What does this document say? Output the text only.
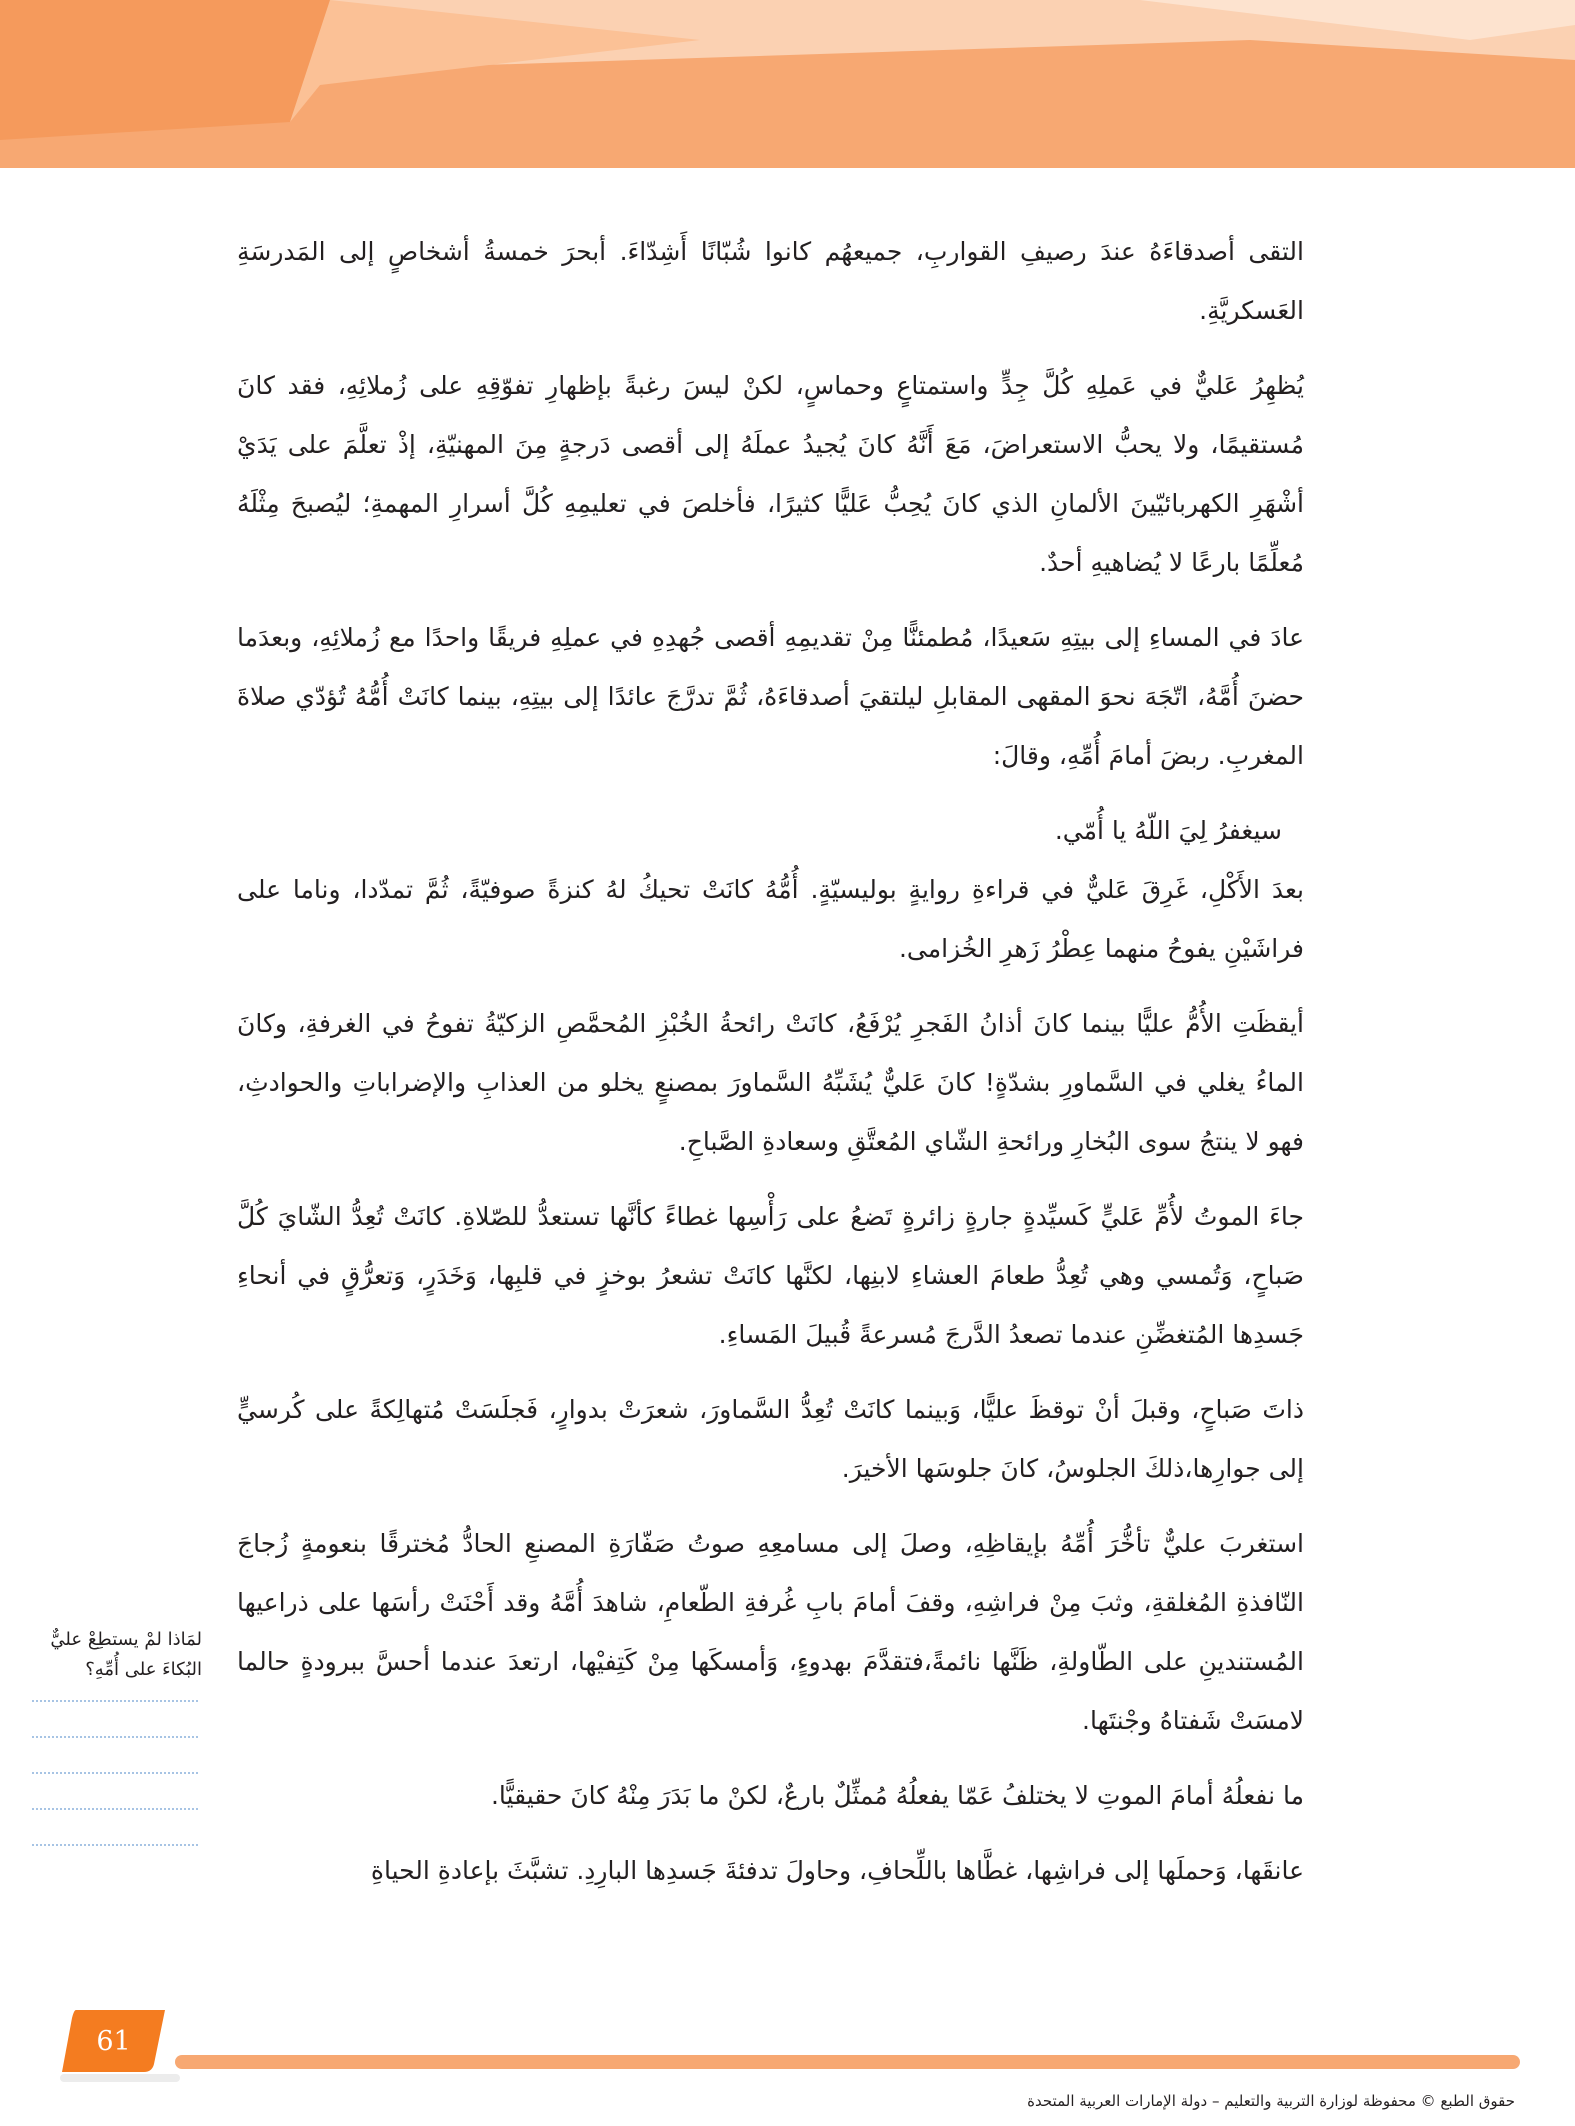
التقى أصدقاءَهُ عندَ رصيفِ القواربِ، جميعهُم كانوا شُبّانًا أَشِدّاءَ. أبحرَ خمسةُ أشخاصٍ إلى المَدرسَةِ العَسكريَّةِ.

يُظهِرُ عَليٌّ في عَملِهِ كُلَّ جِدٍّ واستمتاعٍ وحماسٍ، لكنْ ليسَ رغبةً بإظهارِ تفوّقِهِ على زُملائِهِ، فقد كانَ مُستقيمًا، ولا يحبُّ الاستعراضَ، مَعَ أَنَّهُ كانَ يُجيدُ عملَهُ إلى أقصى دَرجةٍ مِنَ المهنيّةِ، إذْ تعلَّمَ على يَدَيْ أشْهَرِ الكهربائيّينَ الألمانِ الذي كانَ يُحِبُّ عَليًّا كثيرًا، فأخلصَ في تعليمِهِ كُلَّ أسرارِ المهمةِ؛ ليُصبحَ مِثْلَهُ مُعلِّمًا بارعًا لا يُضاهيهِ أحدٌ.

عادَ في المساءِ إلى بيتِهِ سَعيدًا، مُطمئنًّا مِنْ تقديمِهِ أقصى جُهدِهِ في عملِهِ فريقًا واحدًا مع زُملائِهِ، وبعدَما حضنَ أُمَّهُ، اتّجَهَ نحوَ المقهى المقابلِ ليلتقيَ أصدقاءَهُ، ثُمَّ تدرَّجَ عائدًا إلى بيتِهِ، بينما كانَتْ أُمُّهُ تُؤدّي صلاةَ المغربِ. ربضَ أمامَ أُمِّهِ، وقالَ:

سيغفرُ لِيَ اللّهُ يا أُمّي.

بعدَ الأَكْلِ، غَرِقَ عَليٌّ في قراءةِ روايةٍ بوليسيّةٍ. أُمُّهُ كانَتْ تحيكُ لهُ كنزةً صوفيّةً، ثُمَّ تمدّدا، وناما على فراشَيْنِ يفوحُ منهما عِطْرُ زَهرِ الخُزامى.

أيقظَتِ الأُمُّ عليًّا بينما كانَ أذانُ الفَجرِ يُرْفَعُ، كانَتْ رائحةُ الخُبْزِ المُحمَّصِ الزكيّةُ تفوحُ في الغرفةِ، وكانَ الماءُ يغلي في السَّماورِ بشدّةٍ! كانَ عَليٌّ يُشَبِّهُ السَّماورَ بمصنعٍ يخلو من العذابِ والإضراباتِ والحوادثِ، فهو لا ينتجُ سوى البُخارِ ورائحةِ الشّاي المُعتَّقِ وسعادةِ الصَّباحِ.

جاءَ الموتُ لأُمِّ عَليٍّ كَسيِّدةٍ جارةٍ زائرةٍ تَضعُ على رَأْسِها غطاءً كأنَّها تستعدُّ للصّلاةِ. كانَتْ تُعِدُّ الشّايَ كُلَّ صَباحٍ، وَتُمسي وهي تُعِدُّ طعامَ العشاءِ لابنِها، لكنَّها كانَتْ تشعرُ بوخزٍ في قلبِها، وَخَدَرٍ، وَتعرُّقٍ في أنحاءِ جَسدِها المُتغضِّنِ عندما تصعدُ الدَّرجَ مُسرعةً قُبيلَ المَساءِ.

ذاتَ صَباحٍ، وقبلَ أنْ توقظَ عليًّا، وَبينما كانَتْ تُعِدُّ السَّماورَ، شعرَتْ بدوارٍ، فَجلَسَتْ مُتهالِكةً على كُرسيٍّ إلى جوارِها،ذلكَ الجلوسُ، كانَ جلوسَها الأخيرَ.

استغربَ عليٌّ تأخُّرَ أُمِّهُ بإيقاظِهِ، وصلَ إلى مسامعِهِ صوتُ صَفّارَةِ المصنعِ الحادُّ مُخترقًا بنعومةٍ زُجاجَ النّافذةِ المُغلقةِ، وثبَ مِنْ فراشِهِ، وقفَ أمامَ بابِ غُرفةِ الطّعامِ، شاهدَ أُمَّهُ وقد أَحْنَتْ رأسَها على ذراعيها المُستندينِ على الطّاولةِ، ظَنَّها نائمةً،فتقدَّمَ بهدوءٍ، وَأمسكَها مِنْ كَتِفيْها، ارتعدَ عندما أحسَّ ببرودةٍ حالما لامسَتْ شَفتاهُ وجْنتَها.

ما نفعلُهُ أمامَ الموتِ لا يختلفُ عَمّا يفعلُهُ مُمثِّلٌ بارعٌ، لكنْ ما بَدَرَ مِنْهُ كانَ حقيقيًّا.

عانقَها، وَحملَها إلى فراشِها، غطَّاها باللِّحافِ، وحاولَ تدفئةَ جَسدِها البارِدِ. تشبَّثَ بإعادةِ الحياةِ

لمَاذا لمْ يستطِعْ عليٌّ البُكاءَ على أُمِّهِ؟
61
حقوق الطبع © محفوظة لوزارة التربية والتعليم – دولة الإمارات العربية المتحدة
